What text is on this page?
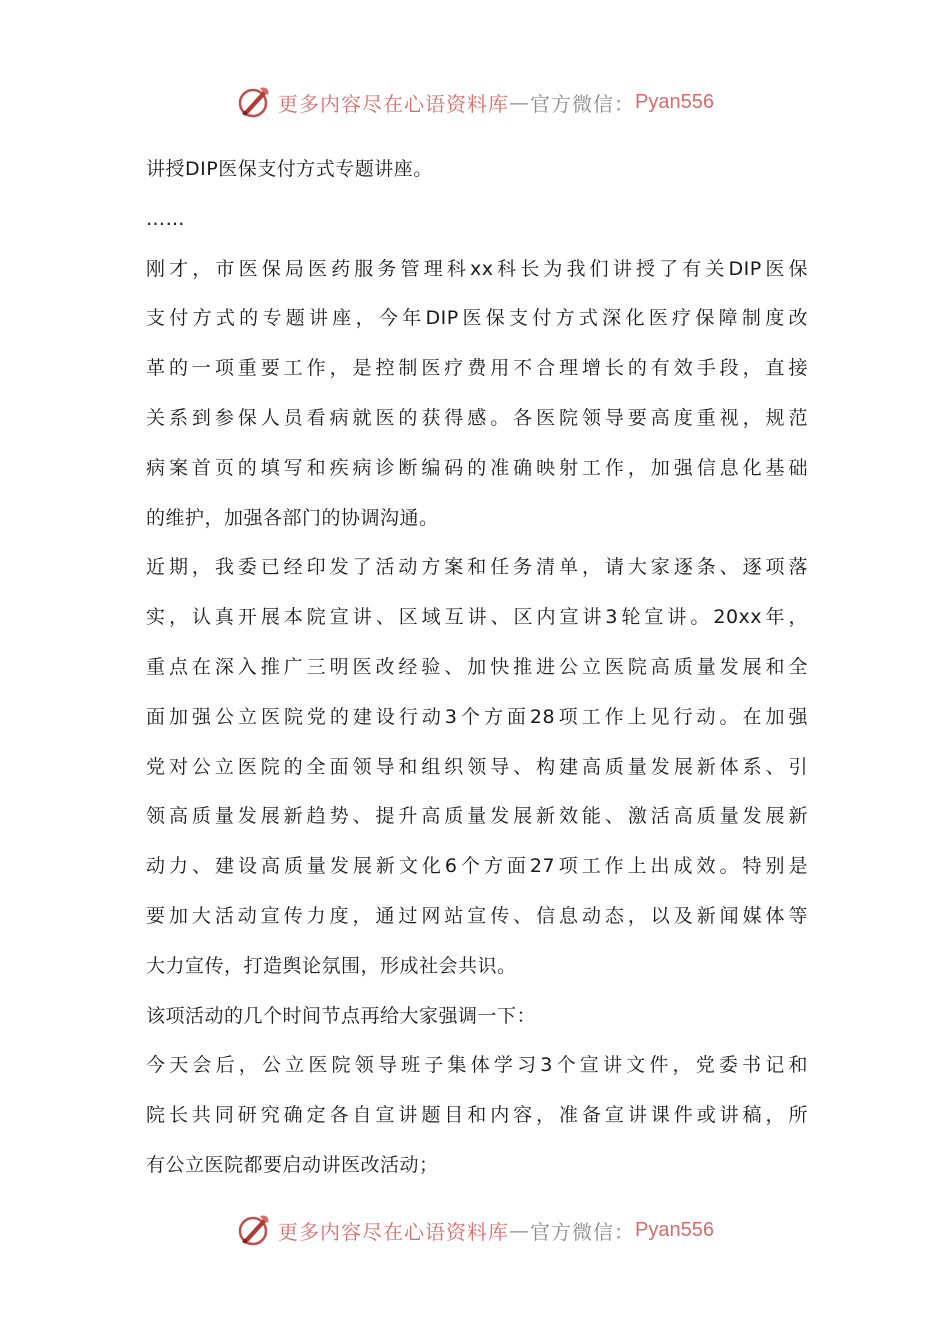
更多内容尽在心语资料库 — 官方微信： Pyan556
讲授DIP医保支付方式专题讲座。
……
刚才，市医保局医药服务管理科xx科长为我们讲授了有关DIP医保
支付方式的专题讲座，今年DIP医保支付方式深化医疗保障制度改
革的一项重要工作，是控制医疗费用不合理增长的有效手段，直接
关系到参保人员看病就医的获得感。各医院领导要高度重视，规范
病案首页的填写和疾病诊断编码的准确映射工作，加强信息化基础
的维护，加强各部门的协调沟通。
近期，我委已经印发了活动方案和任务清单，请大家逐条、逐项落
实，认真开展本院宣讲、区域互讲、区内宣讲3轮宣讲。20xx年，
重点在深入推广三明医改经验、加快推进公立医院高质量发展和全
面加强公立医院党的建设行动3个方面28项工作上见行动。在加强
党对公立医院的全面领导和组织领导、构建高质量发展新体系、引
领高质量发展新趋势、提升高质量发展新效能、激活高质量发展新
动力、建设高质量发展新文化6个方面27项工作上出成效。特别是
要加大活动宣传力度，通过网站宣传、信息动态，以及新闻媒体等
大力宣传，打造舆论氛围，形成社会共识。
该项活动的几个时间节点再给大家强调一下：
今天会后，公立医院领导班子集体学习3个宣讲文件，党委书记和
院长共同研究确定各自宣讲题目和内容，准备宣讲课件或讲稿，所
有公立医院都要启动讲医改活动；
更多内容尽在心语资料库 — 官方微信： Pyan556
